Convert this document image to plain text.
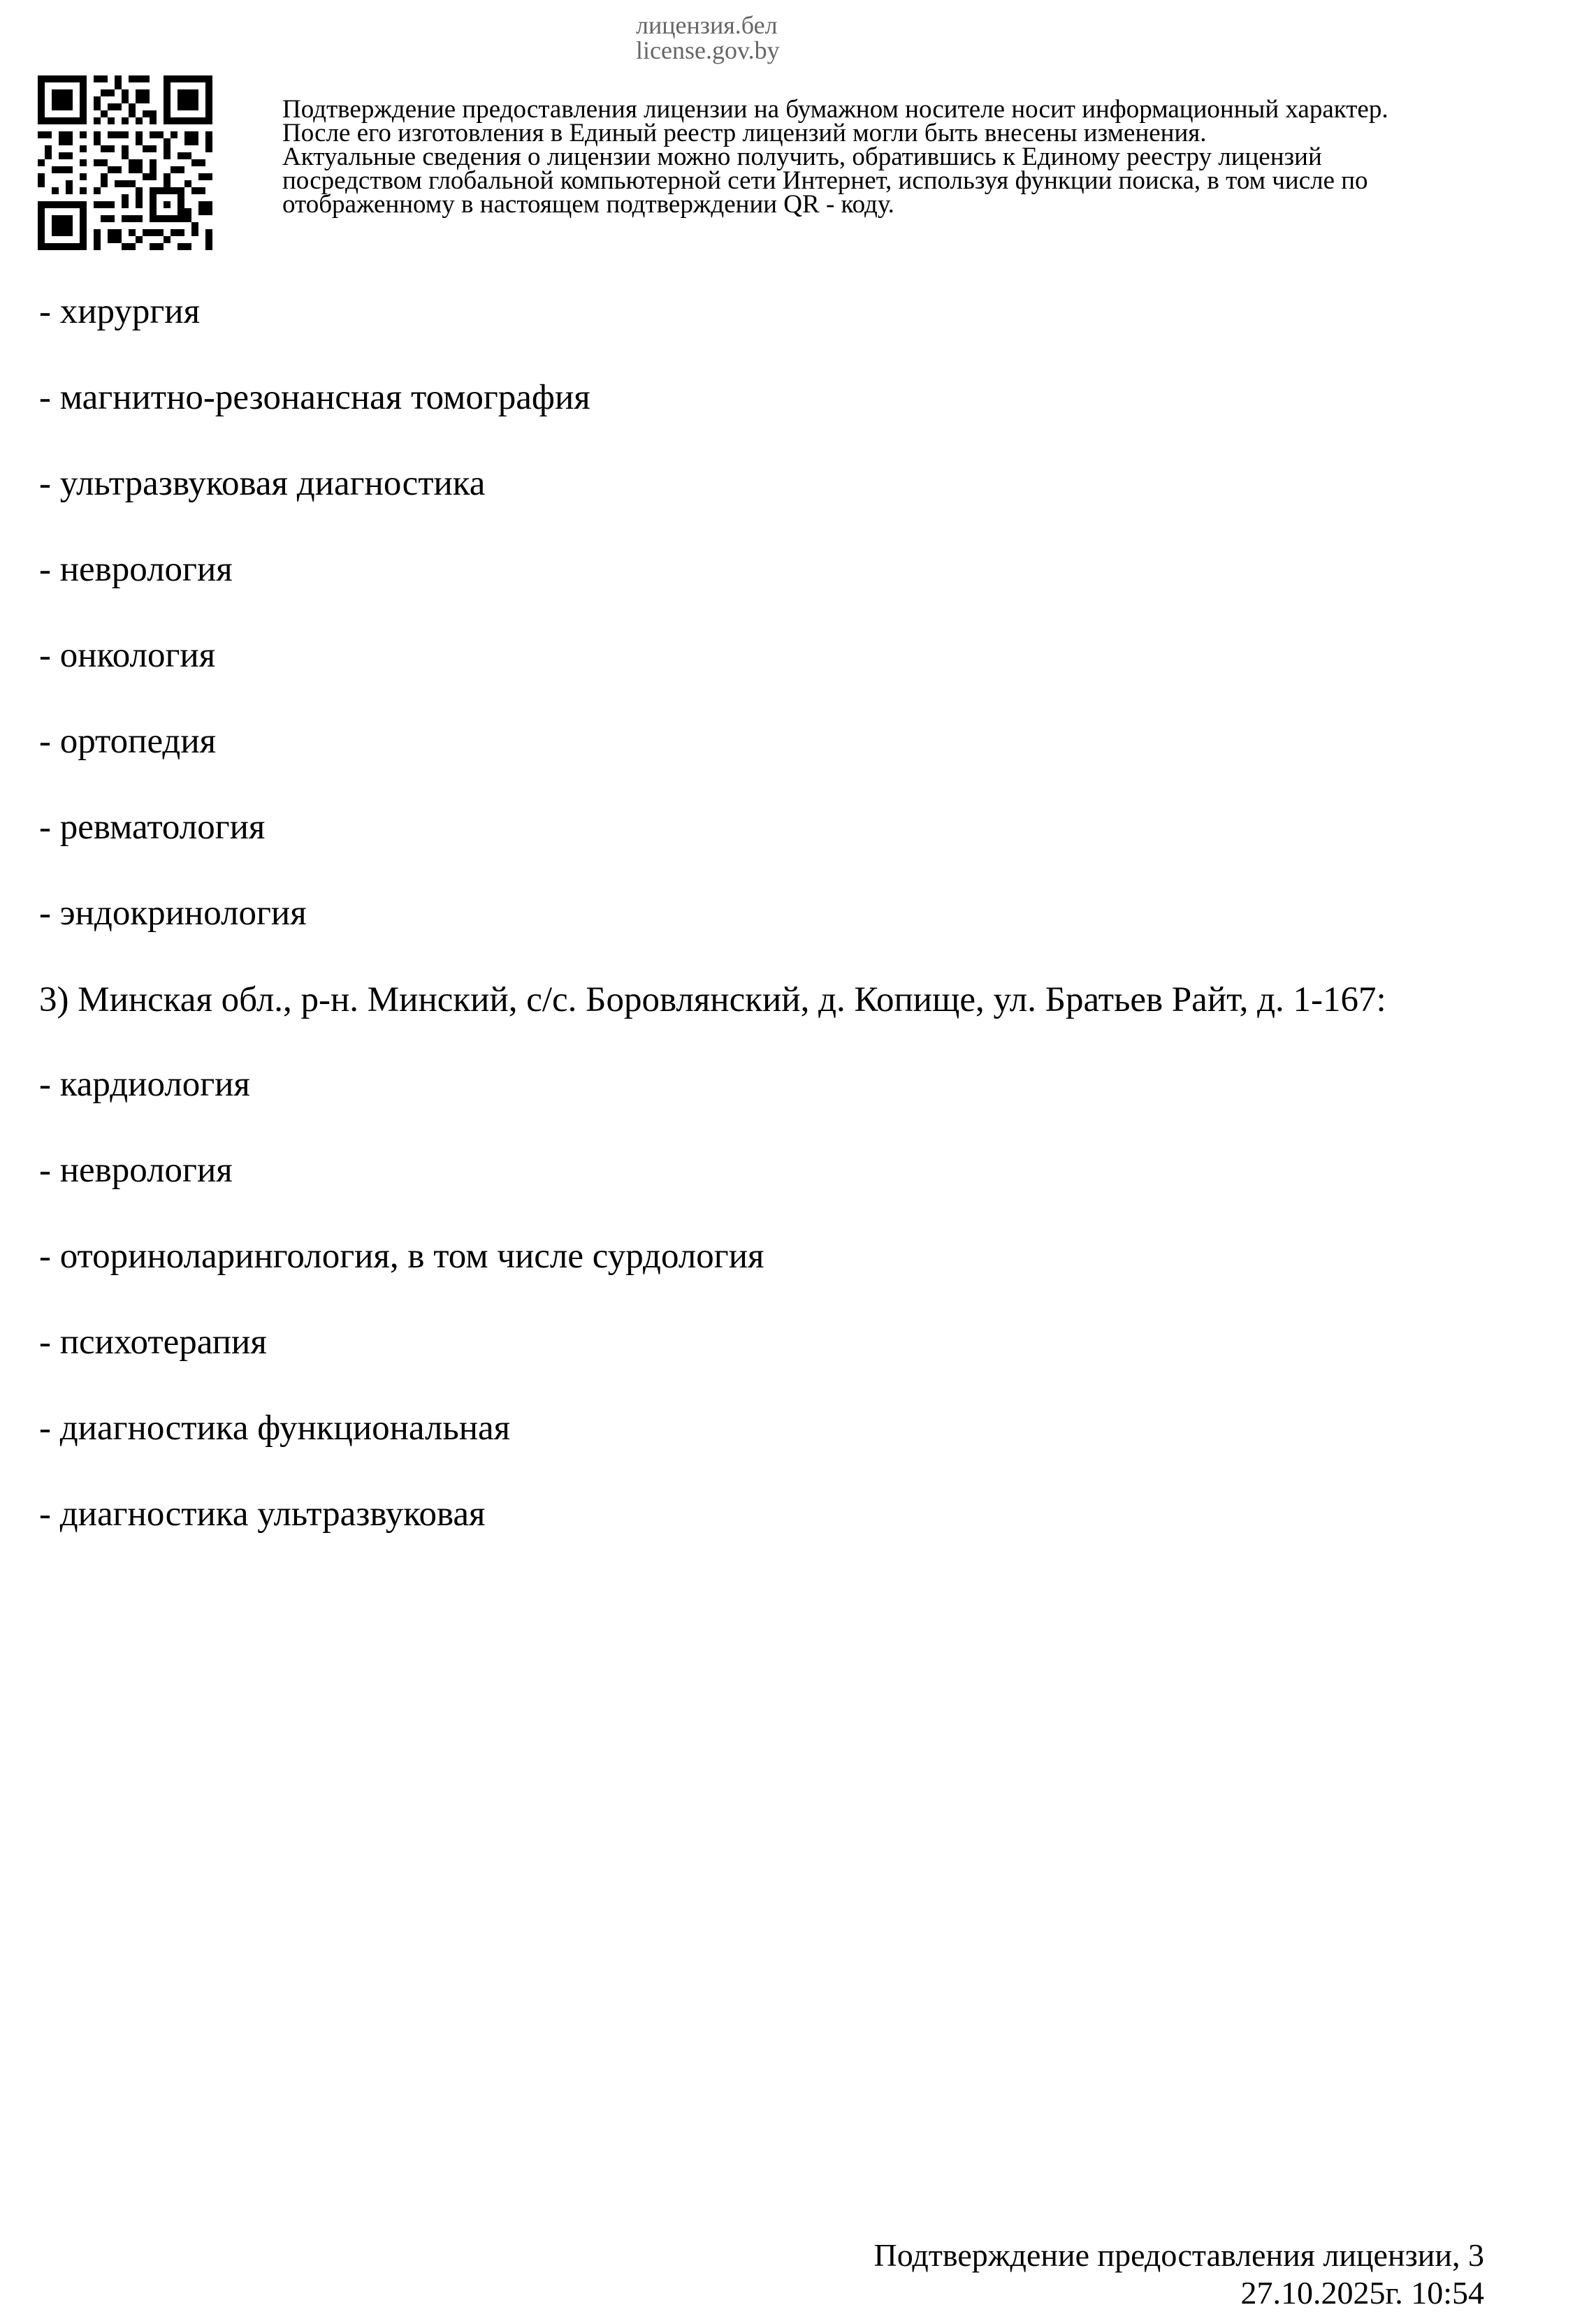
лицензия.бел
license.gov.by
Подтверждение предоставления лицензии на бумажном носителе носит информационный характер.
После его изготовления в Единый реестр лицензий могли быть внесены изменения.
Актуальные сведения о лицензии можно получить, обратившись к Единому реестру лицензий
посредством глобальной компьютерной сети Интернет, используя функции поиска, в том числе по
отображенному в настоящем подтверждении QR - коду.

- хирургия

- магнитно-резонансная томография

- ультразвуковая диагностика

- неврология

- онкология

- ортопедия

- ревматология

- эндокринология

3) Минская обл., р-н. Минский, с/с. Боровлянский, д. Копище, ул. Братьев Райт, д. 1-167:

- кардиология

- неврология

- оториноларингология, в том числе сурдология

- психотерапия

- диагностика функциональная

- диагностика ультразвуковая

Подтверждение предоставления лицензии, 3
27.10.2025г. 10:54
